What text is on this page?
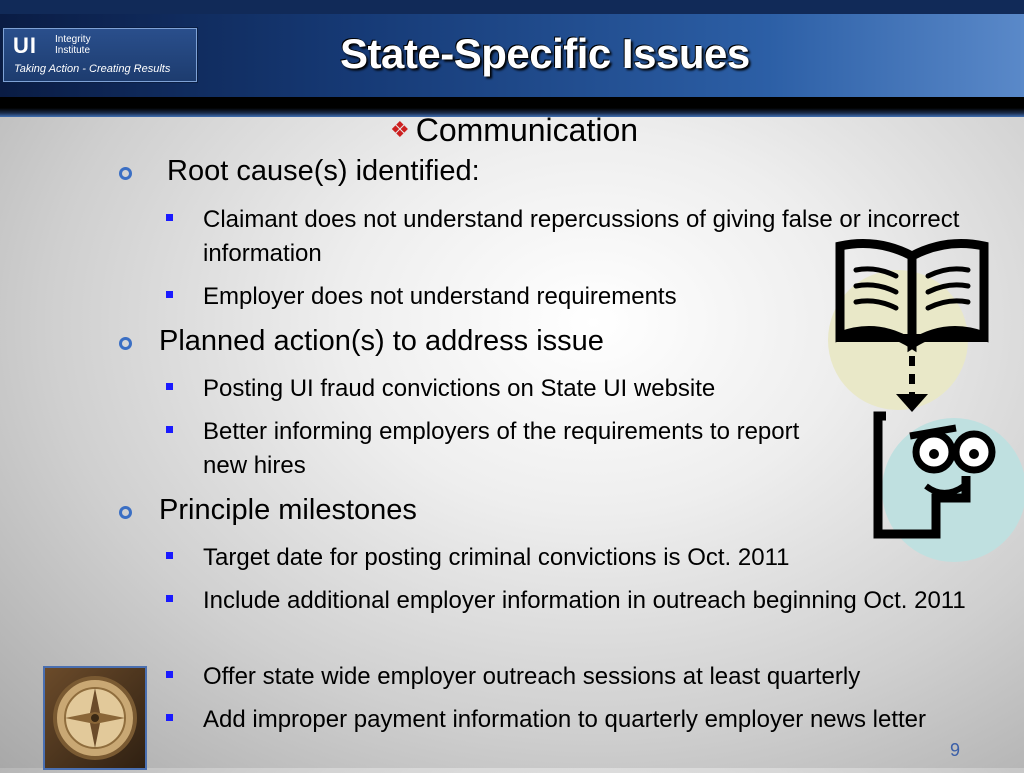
UI Integrity
Institute
Taking Action - Creating Results	State-Specific Issues
❖ Communication
Root cause(s) identified:
Claimant does not understand repercussions of giving false or incorrect information
Employer does not understand requirements
Planned action(s) to address issue
Posting UI fraud convictions on State UI website
Better informing employers of the requirements to report new hires
Principle milestones
Target date for posting criminal convictions is Oct. 2011
Include additional employer information in outreach beginning Oct. 2011
Offer state wide employer outreach sessions at least quarterly
Add improper payment information to quarterly employer news letter
9
